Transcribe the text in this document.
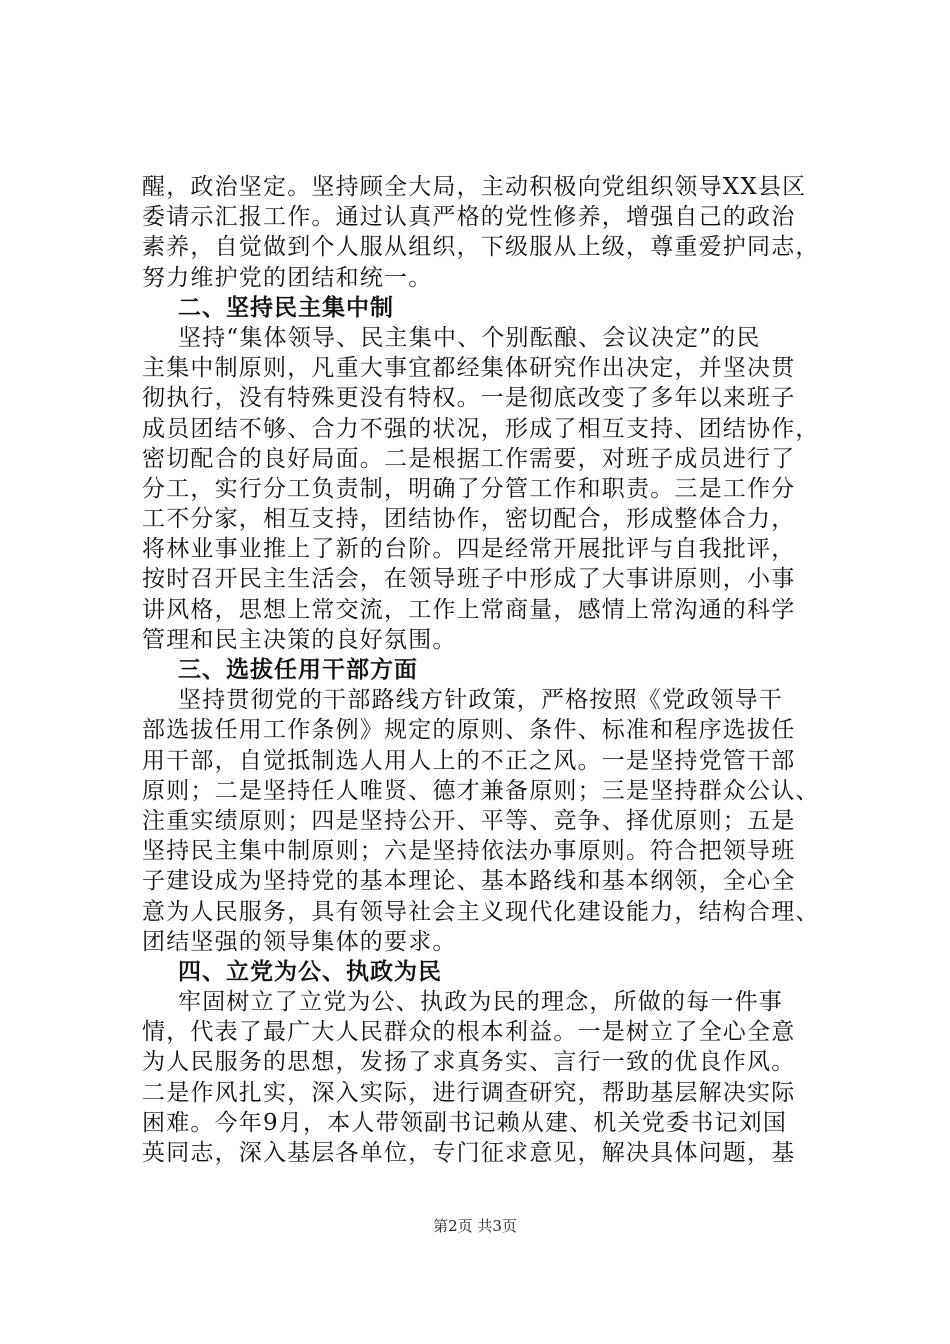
醒，政治坚定。坚持顾全大局，主动积极向党组织领导XX县区
委请示汇报工作。通过认真严格的党性修养，增强自己的政治
素养，自觉做到个人服从组织，下级服从上级，尊重爱护同志，
努力维护党的团结和统一。
二、坚持民主集中制
坚持“集体领导、民主集中、个别酝酿、会议决定”的民
主集中制原则，凡重大事宜都经集体研究作出决定，并坚决贯
彻执行，没有特殊更没有特权。一是彻底改变了多年以来班子
成员团结不够、合力不强的状况，形成了相互支持、团结协作，
密切配合的良好局面。二是根据工作需要，对班子成员进行了
分工，实行分工负责制，明确了分管工作和职责。三是工作分
工不分家，相互支持，团结协作，密切配合，形成整体合力，
将林业事业推上了新的台阶。四是经常开展批评与自我批评，
按时召开民主生活会，在领导班子中形成了大事讲原则，小事
讲风格，思想上常交流，工作上常商量，感情上常沟通的科学
管理和民主决策的良好氛围。
三、选拔任用干部方面
坚持贯彻党的干部路线方针政策，严格按照《党政领导干
部选拔任用工作条例》规定的原则、条件、标准和程序选拔任
用干部，自觉抵制选人用人上的不正之风。一是坚持党管干部
原则；二是坚持任人唯贤、德才兼备原则；三是坚持群众公认、
注重实绩原则；四是坚持公开、平等、竞争、择优原则；五是
坚持民主集中制原则；六是坚持依法办事原则。符合把领导班
子建设成为坚持党的基本理论、基本路线和基本纲领，全心全
意为人民服务，具有领导社会主义现代化建设能力，结构合理、
团结坚强的领导集体的要求。
四、立党为公、执政为民
牢固树立了立党为公、执政为民的理念，所做的每一件事
情，代表了最广大人民群众的根本利益。一是树立了全心全意
为人民服务的思想，发扬了求真务实、言行一致的优良作风。
二是作风扎实，深入实际，进行调查研究，帮助基层解决实际
困难。今年9月，本人带领副书记赖从建、机关党委书记刘国
英同志，深入基层各单位，专门征求意见，解决具体问题，基
第2页 共3页
